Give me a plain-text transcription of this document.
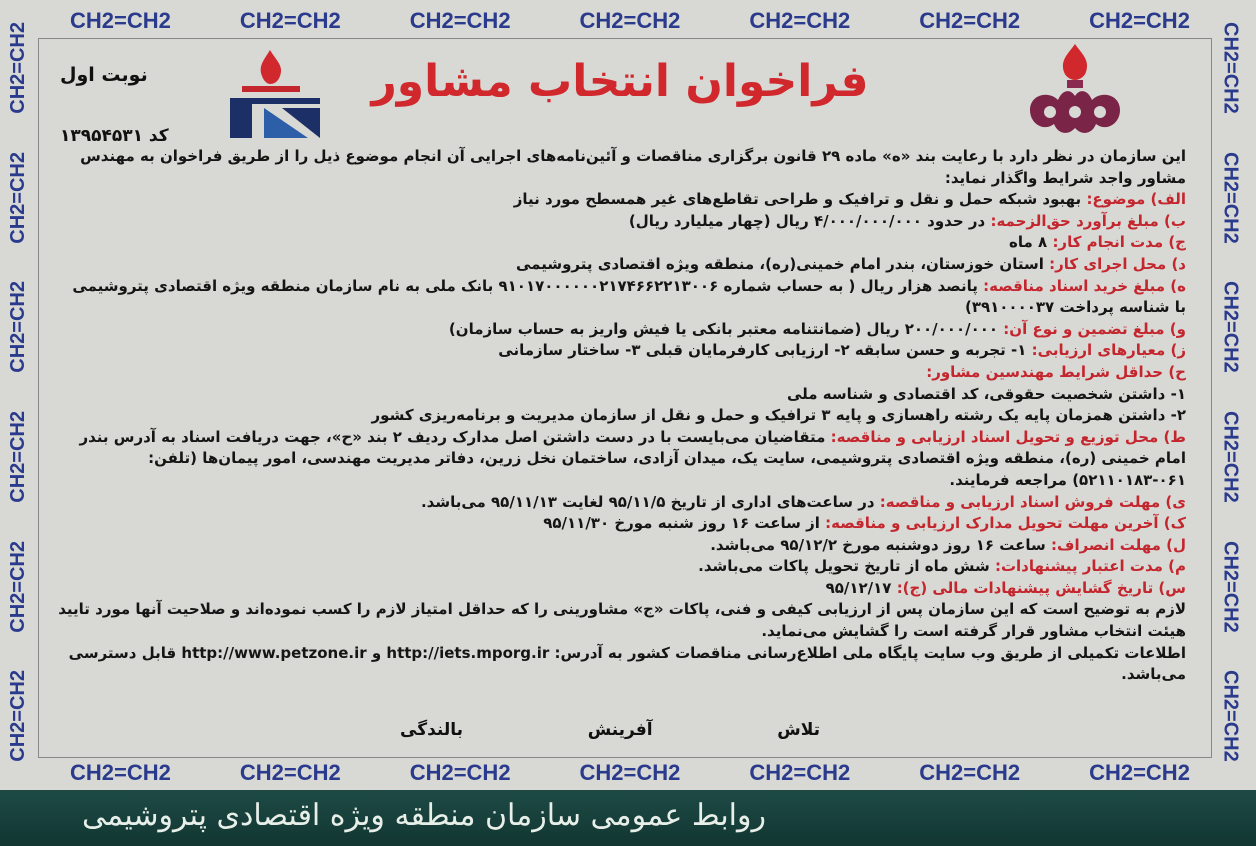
CH2=CH2	CH2=CH2	CH2=CH2	CH2=CH2	CH2=CH2	CH2=CH2	CH2=CH2
CH2=CH2
CH2=CH2
CH2=CH2
CH2=CH2
CH2=CH2
CH2=CH2
CH2=CH2
CH2=CH2
CH2=CH2
CH2=CH2
CH2=CH2
CH2=CH2
CH2=CH2	CH2=CH2	CH2=CH2	CH2=CH2	CH2=CH2	CH2=CH2	CH2=CH2
فراخوان انتخاب مشاور
نوبت اول
کد ۱۳۹۵۴۵۳۱

این سازمان در نظر دارد با رعایت بند «ه» ماده ۲۹ قانون برگزاری مناقصات و آئین‌نامه‌های اجرایی آن انجام موضوع ذیل را از طریق فراخوان به مهندس مشاور واجد شرایط واگذار نماید:

الف) موضوع: بهبود شبکه حمل و نقل و ترافیک و طراحی تقاطع‌های غیر همسطح مورد نیاز

ب) مبلغ برآورد حق‌الزحمه: در حدود ۴/۰۰۰/۰۰۰/۰۰۰ ریال (چهار میلیارد ریال)

ج) مدت انجام کار: ۸ ماه

د) محل اجرای کار: استان خوزستان، بندر امام خمینی(ره)، منطقه ویژه اقتصادی پتروشیمی

ه) مبلغ خرید اسناد مناقصه: پانصد هزار ریال ( به حساب شماره ۹۱۰۱۷۰۰۰۰۰۰۲۱۷۴۶۶۲۲۱۳۰۰۶ بانک ملی به نام سازمان منطقه ویژه اقتصادی پتروشیمی با شناسه پرداخت ۳۹۱۰۰۰۰۳۷)

و) مبلغ تضمین و نوع آن: ۲۰۰/۰۰۰/۰۰۰ ریال (ضمانتنامه معتبر بانکی یا فیش واریز به حساب سازمان)

ز) معیارهای ارزیابی: ۱- تجربه و حسن سابقه ۲- ارزیابی کارفرمایان قبلی ۳- ساختار سازمانی

ح) حداقل شرایط مهندسین مشاور:

۱- داشتن شخصیت حقوقی، کد اقتصادی و شناسه ملی

۲- داشتن همزمان پایه یک رشته راهسازی و پایه ۳ ترافیک و حمل و نقل از سازمان مدیریت و برنامه‌ریزی کشور

ط) محل توزیع و تحویل اسناد ارزیابی و مناقصه: متقاضیان می‌بایست با در دست داشتن اصل مدارک ردیف ۲ بند «ح»، جهت دریافت اسناد به آدرس بندر امام خمینی (ره)، منطقه ویژه اقتصادی پتروشیمی، سایت یک، میدان آزادی، ساختمان نخل زرین، دفاتر مدیریت مهندسی، امور پیمان‌ها (تلفن: ۰۶۱-۵۲۱۱۰۱۸۳) مراجعه فرمایند.

ی) مهلت فروش اسناد ارزیابی و مناقصه: در ساعت‌های اداری از تاریخ ۹۵/۱۱/۵ لغایت ۹۵/۱۱/۱۳ می‌باشد.

ک) آخرین مهلت تحویل مدارک ارزیابی و مناقصه: از ساعت ۱۶ روز شنبه مورخ ۹۵/۱۱/۳۰

ل) مهلت انصراف: ساعت ۱۶ روز دوشنبه مورخ ۹۵/۱۲/۲ می‌باشد.

م) مدت اعتبار پیشنهادات: شش ماه از تاریخ تحویل پاکات می‌باشد.

س) تاریخ گشایش پیشنهادات مالی (ج): ۹۵/۱۲/۱۷

لازم به توضیح است که این سازمان پس از ارزیابی کیفی و فنی، پاکات «ج» مشاورینی را که حداقل امتیاز لازم را کسب نموده‌اند و صلاحیت آنها مورد تایید هیئت انتخاب مشاور قرار گرفته است را گشایش می‌نماید.

اطلاعات تکمیلی از طریق وب سایت پایگاه ملی اطلاع‌رسانی مناقصات کشور به آدرس: http://iets.mporg.ir و http://www.petzone.ir قابل دسترسی می‌باشد.

تلاش
آفرینش
بالندگی
روابط عمومی سازمان منطقه ویژه اقتصادی پتروشیمی
